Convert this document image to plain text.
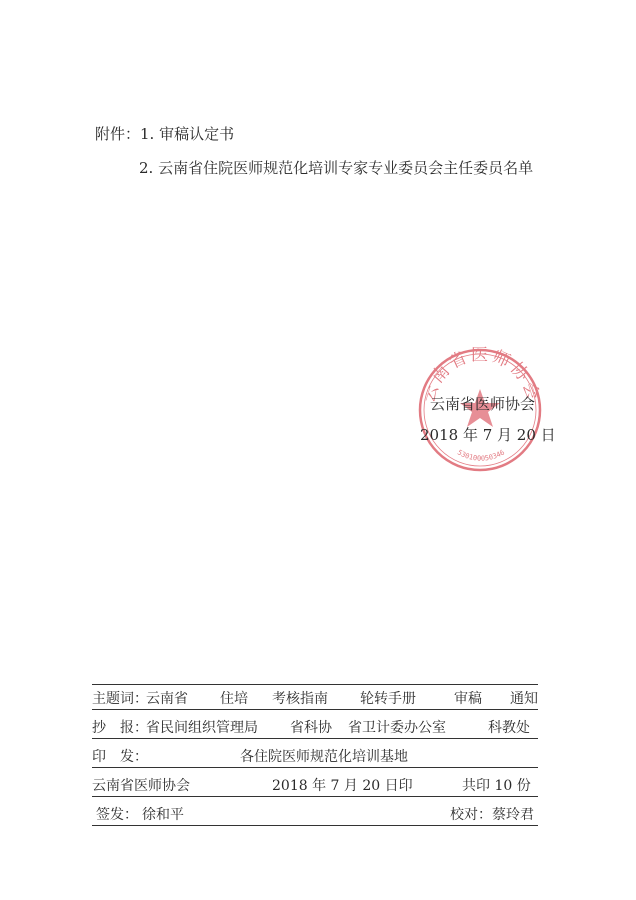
附件：1. 审稿认定书
2. 云南省住院医师规范化培训专家专业委员会主任委员名单
云南省医师协会
530100050346
云南省医师协会
2018 年 7 月 20 日
主题词：
云南省 住培 考核指南 轮转手册	审稿 通知
抄　报：
省民间组织管理局 省科协 省卫计委办公室	科教处
印　发：	各住院医师规范化培训基地
云南省医师协会	2018 年 7 月 20 日印	共印 10 份
签发： 徐和平	校对： 蔡玲君
